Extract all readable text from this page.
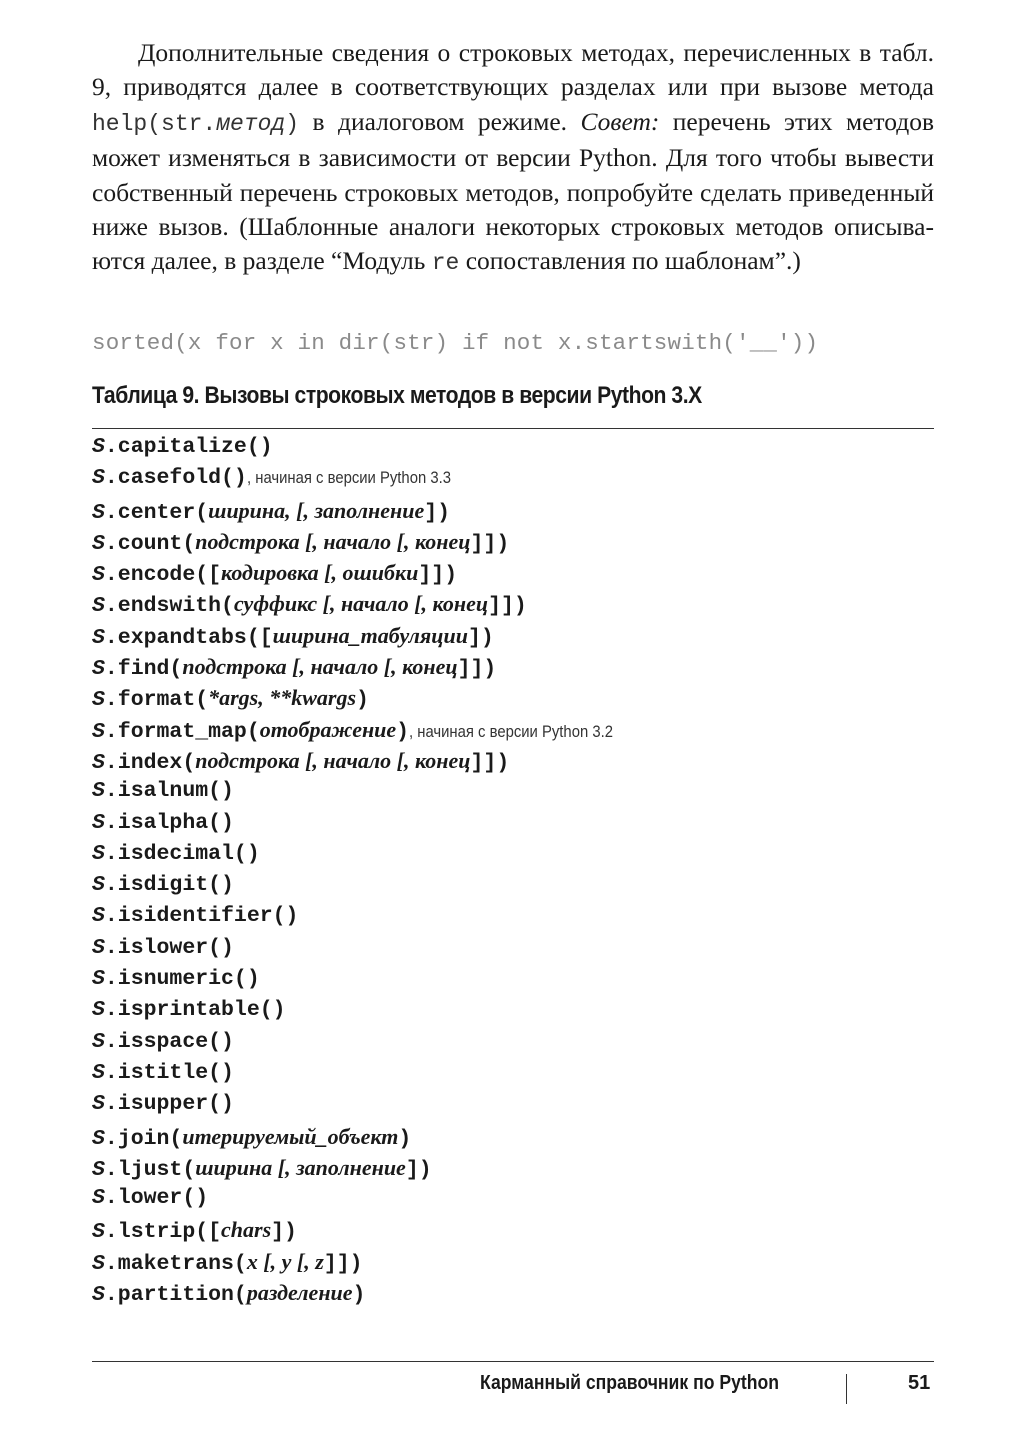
Дополнительные сведения о строковых методах, перечисленных в табл. 9, приводятся далее в соответствующих разделах или при вызове метода help(str.метод) в диалоговом режиме. Совет: перечень этих методов может изменяться в зависимости от версии Python. Для того чтобы вывести собственный перечень строковых методов, попробуйте сделать приведенный ниже вызов. (Шаблонные аналоги некоторых строковых методов описываются далее, в разделе “Модуль re сопоставления по шаблонам”.)

sorted(x for x in dir(str) if not x.startswith('__'))
Таблица 9. Вызовы строковых методов в версии Python 3.X
S.capitalize()
S.casefold(), начиная с версии Python 3.3
S.center(ширина, [, заполнение])
S.count(подстрока [, начало [, конец]])
S.encode([кодировка [, ошибки]])
S.endswith(суффикс [, начало [, конец]])
S.expandtabs([ширина_табуляции])
S.find(подстрока [, начало [, конец]])
S.format(*args, **kwargs)
S.format_map(отображение), начиная с версии Python 3.2
S.index(подстрока [, начало [, конец]])
S.isalnum()
S.isalpha()
S.isdecimal()
S.isdigit()
S.isidentifier()
S.islower()
S.isnumeric()
S.isprintable()
S.isspace()
S.istitle()
S.isupper()
S.join(итерируемый_объект)
S.ljust(ширина [, заполнение])
S.lower()
S.lstrip([chars])
S.maketrans(x [, y [, z]])
S.partition(разделение)
Карманный справочник по Python	51
